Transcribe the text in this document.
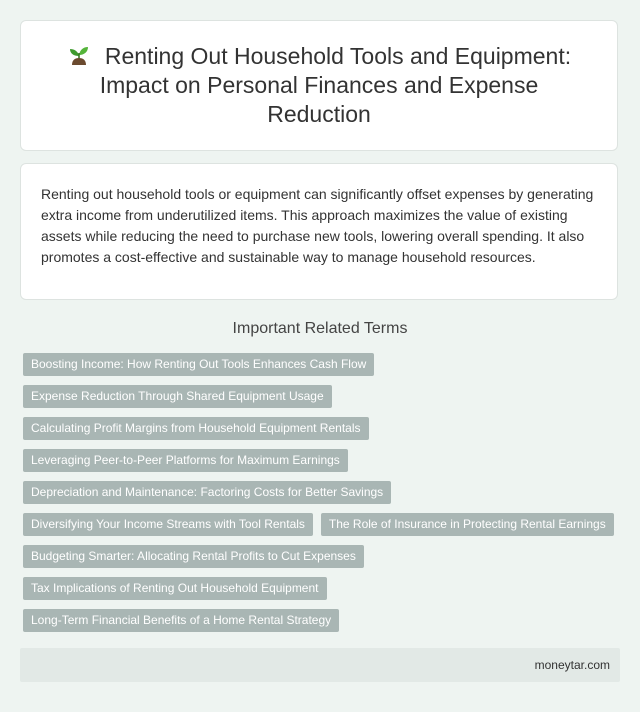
Renting Out Household Tools and Equipment: Impact on Personal Finances and Expense Reduction

Renting out household tools or equipment can significantly offset expenses by generating extra income from underutilized items. This approach maximizes the value of existing assets while reducing the need to purchase new tools, lowering overall spending. It also promotes a cost-effective and sustainable way to manage household resources.

Important Related Terms
Boosting Income: How Renting Out Tools Enhances Cash Flow
Expense Reduction Through Shared Equipment Usage
Calculating Profit Margins from Household Equipment Rentals
Leveraging Peer-to-Peer Platforms for Maximum Earnings
Depreciation and Maintenance: Factoring Costs for Better Savings
Diversifying Your Income Streams with Tool Rentals	The Role of Insurance in Protecting Rental Earnings
Budgeting Smarter: Allocating Rental Profits to Cut Expenses
Tax Implications of Renting Out Household Equipment
Long-Term Financial Benefits of a Home Rental Strategy
moneytar.com
